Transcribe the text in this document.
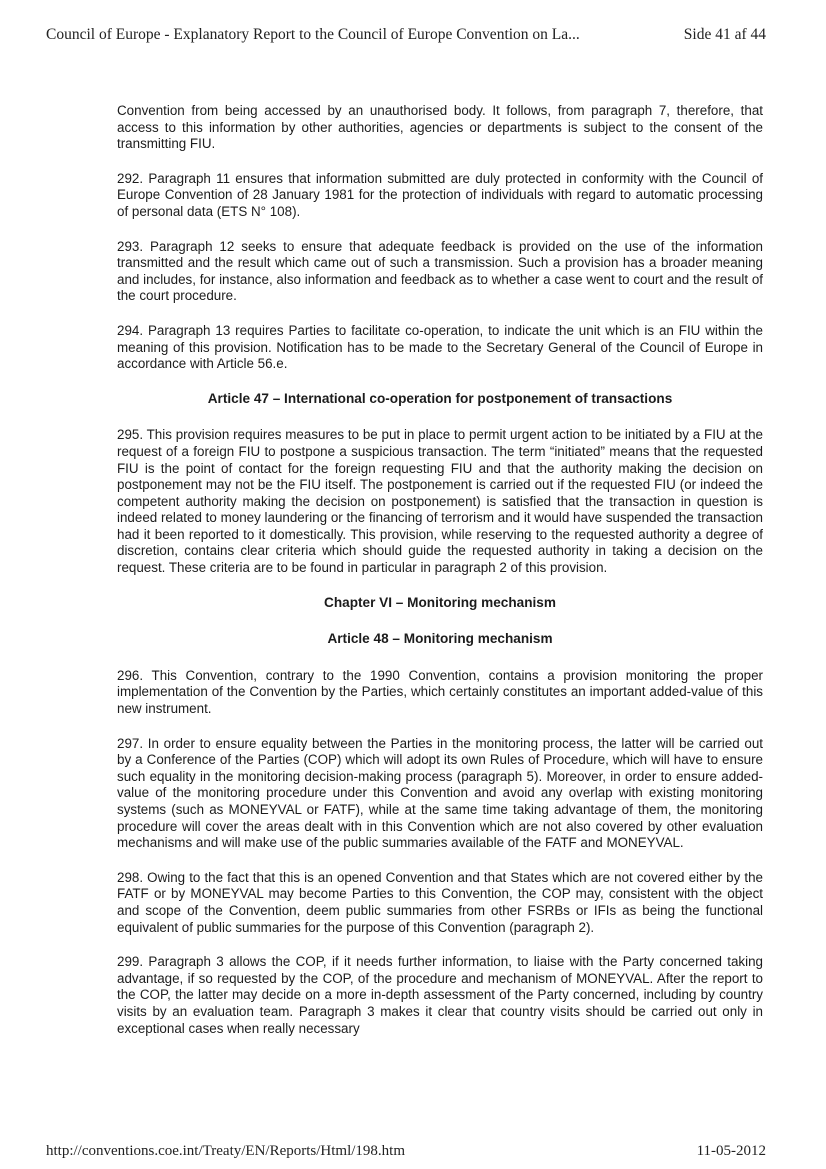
Council of Europe - Explanatory Report to the Council of Europe Convention on La...	Side 41 af 44

Convention from being accessed by an unauthorised body. It follows, from paragraph 7, therefore, that access to this information by other authorities, agencies or departments is subject to the consent of the transmitting FIU.

292. Paragraph 11 ensures that information submitted are duly protected in conformity with the Council of Europe Convention of 28 January 1981 for the protection of individuals with regard to automatic processing of personal data (ETS N° 108).

293. Paragraph 12 seeks to ensure that adequate feedback is provided on the use of the information transmitted and the result which came out of such a transmission. Such a provision has a broader meaning and includes, for instance, also information and feedback as to whether a case went to court and the result of the court procedure.

294. Paragraph 13 requires Parties to facilitate co-operation, to indicate the unit which is an FIU within the meaning of this provision. Notification has to be made to the Secretary General of the Council of Europe in accordance with Article 56.e.

Article 47 – International co-operation for postponement of transactions

295. This provision requires measures to be put in place to permit urgent action to be initiated by a FIU at the request of a foreign FIU to postpone a suspicious transaction. The term “initiated” means that the requested FIU is the point of contact for the foreign requesting FIU and that the authority making the decision on postponement may not be the FIU itself. The postponement is carried out if the requested FIU (or indeed the competent authority making the decision on postponement) is satisfied that the transaction in question is indeed related to money laundering or the financing of terrorism and it would have suspended the transaction had it been reported to it domestically. This provision, while reserving to the requested authority a degree of discretion, contains clear criteria which should guide the requested authority in taking a decision on the request. These criteria are to be found in particular in paragraph 2 of this provision.

Chapter VI – Monitoring mechanism
Article 48 – Monitoring mechanism

296. This Convention, contrary to the 1990 Convention, contains a provision monitoring the proper implementation of the Convention by the Parties, which certainly constitutes an important added-value of this new instrument.

297. In order to ensure equality between the Parties in the monitoring process, the latter will be carried out by a Conference of the Parties (COP) which will adopt its own Rules of Procedure, which will have to ensure such equality in the monitoring decision-making process (paragraph 5). Moreover, in order to ensure added-value of the monitoring procedure under this Convention and avoid any overlap with existing monitoring systems (such as MONEYVAL or FATF), while at the same time taking advantage of them, the monitoring procedure will cover the areas dealt with in this Convention which are not also covered by other evaluation mechanisms and will make use of the public summaries available of the FATF and MONEYVAL.

298. Owing to the fact that this is an opened Convention and that States which are not covered either by the FATF or by MONEYVAL may become Parties to this Convention, the COP may, consistent with the object and scope of the Convention, deem public summaries from other FSRBs or IFIs as being the functional equivalent of public summaries for the purpose of this Convention (paragraph 2).

299. Paragraph 3 allows the COP, if it needs further information, to liaise with the Party concerned taking advantage, if so requested by the COP, of the procedure and mechanism of MONEYVAL. After the report to the COP, the latter may decide on a more in-depth assessment of the Party concerned, including by country visits by an evaluation team. Paragraph 3 makes it clear that country visits should be carried out only in exceptional cases when really necessary

http://conventions.coe.int/Treaty/EN/Reports/Html/198.htm	11-05-2012
